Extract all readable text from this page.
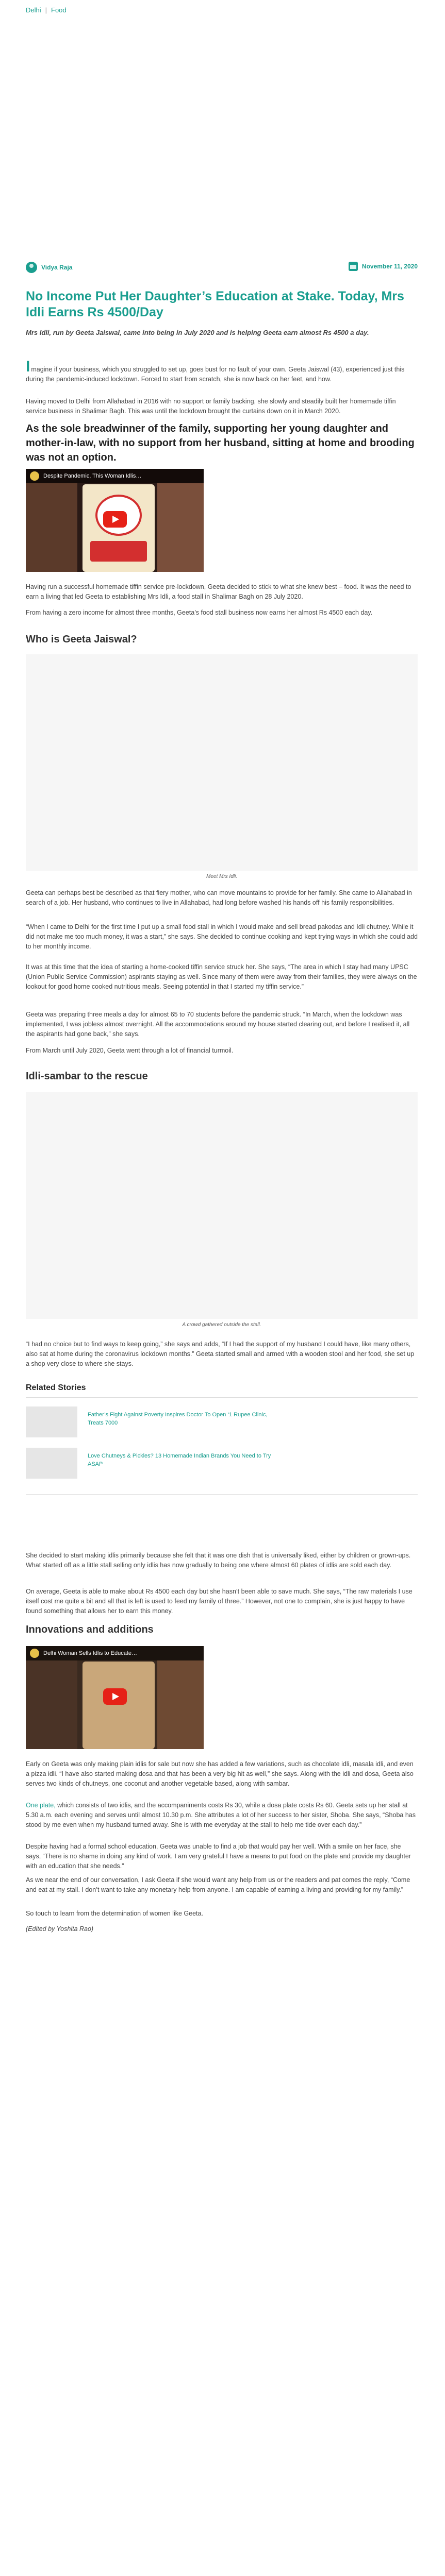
Delhi | Food
Vidya Raja	November 11, 2020
No Income Put Her Daughter’s Education at Stake. Today, Mrs Idli Earns Rs 4500/Day
Mrs Idli, run by Geeta Jaiswal, came into being in July 2020 and is helping Geeta earn almost Rs 4500 a day.

Imagine if your business, which you struggled to set up, goes bust for no fault of your own. Geeta Jaiswal (43), experienced just this during the pandemic-induced lockdown. Forced to start from scratch, she is now back on her feet, and how.

Having moved to Delhi from Allahabad in 2016 with no support or family backing, she slowly and steadily built her homemade tiffin service business in Shalimar Bagh. This was until the lockdown brought the curtains down on it in March 2020.

As the sole breadwinner of the family, supporting her young daughter and mother-in-law, with no support from her husband, sitting at home and brooding was not an option.
Despite Pandemic, This Woman Idlis…

Having run a successful homemade tiffin service pre-lockdown, Geeta decided to stick to what she knew best – food. It was the need to earn a living that led Geeta to establishing Mrs Idli, a food stall in Shalimar Bagh on 28 July 2020.

From having a zero income for almost three months, Geeta’s food stall business now earns her almost Rs 4500 each day.

Who is Geeta Jaiswal?
Meet Mrs Idli.

Geeta can perhaps best be described as that fiery mother, who can move mountains to provide for her family. She came to Allahabad in search of a job. Her husband, who continues to live in Allahabad, had long before washed his hands off his family responsibilities.

“When I came to Delhi for the first time I put up a small food stall in which I would make and sell bread pakodas and Idli chutney. While it did not make me too much money, it was a start,” she says. She decided to continue cooking and kept trying ways in which she could add to her monthly income.

It was at this time that the idea of starting a home-cooked tiffin service struck her. She says, “The area in which I stay had many UPSC (Union Public Service Commission) aspirants staying as well. Since many of them were away from their families, they were always on the lookout for good home cooked nutritious meals. Seeing potential in that I started my tiffin service.”

Geeta was preparing three meals a day for almost 65 to 70 students before the pandemic struck. “In March, when the lockdown was implemented, I was jobless almost overnight. All the accommodations around my house started clearing out, and before I realised it, all the aspirants had gone back,” she says.

From March until July 2020, Geeta went through a lot of financial turmoil.

Idli-sambar to the rescue
A crowd gathered outside the stall.

“I had no choice but to find ways to keep going,” she says and adds, “If I had the support of my husband I could have, like many others, also sat at home during the coronavirus lockdown months.” Geeta started small and armed with a wooden stool and her food, she set up a shop very close to where she stays.

Related Stories
Father’s Fight Against Poverty Inspires Doctor To Open ‘1 Rupee Clinic, Treats 7000
Love Chutneys & Pickles? 13 Homemade Indian Brands You Need to Try ASAP

She decided to start making idlis primarily because she felt that it was one dish that is universally liked, either by children or grown-ups. What started off as a little stall selling only idlis has now gradually to being one where almost 60 plates of idlis are sold each day.

On average, Geeta is able to make about Rs 4500 each day but she hasn’t been able to save much. She says, “The raw materials I use itself cost me quite a bit and all that is left is used to feed my family of three.” However, not one to complain, she is just happy to have found something that allows her to earn this money.

Innovations and additions
Delhi Woman Sells Idlis to Educate…

Early on Geeta was only making plain idlis for sale but now she has added a few variations, such as chocolate idli, masala idli, and even a pizza idli. “I have also started making dosa and that has been a very big hit as well,” she says. Along with the idli and dosa, Geeta also serves two kinds of chutneys, one coconut and another vegetable based, along with sambar.

One plate, which consists of two idlis, and the accompaniments costs Rs 30, while a dosa plate costs Rs 60. Geeta sets up her stall at 5.30 a.m. each evening and serves until almost 10.30 p.m. She attributes a lot of her success to her sister, Shoba. She says, “Shoba has stood by me even when my husband turned away. She is with me everyday at the stall to help me tide over each day.”

Despite having had a formal school education, Geeta was unable to find a job that would pay her well. With a smile on her face, she says, “There is no shame in doing any kind of work. I am very grateful I have a means to put food on the plate and provide my daughter with an education that she needs.”

As we near the end of our conversation, I ask Geeta if she would want any help from us or the readers and pat comes the reply, “Come and eat at my stall. I don’t want to take any monetary help from anyone. I am capable of earning a living and providing for my family.”

So touch to learn from the determination of women like Geeta.

(Edited by Yoshita Rao)
